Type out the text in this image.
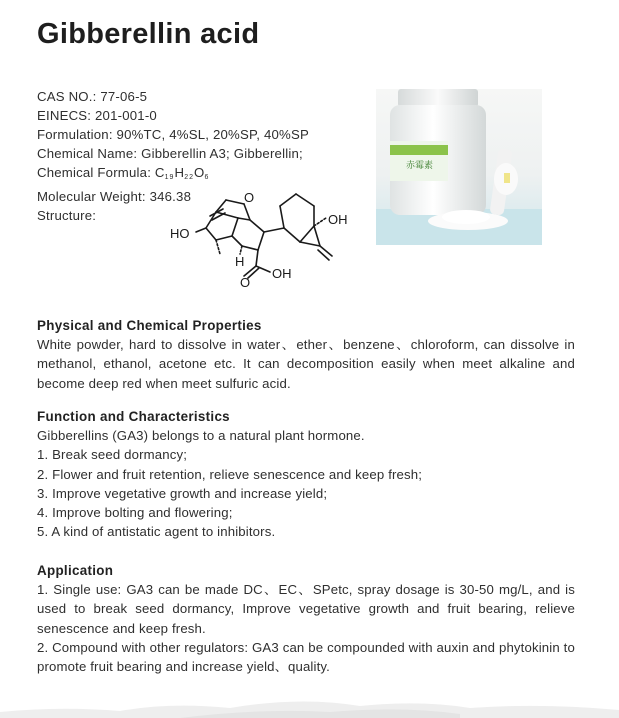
Gibberellin acid
CAS NO.: 77-06-5
EINECS: 201-001-0
Formulation: 90%TC, 4%SL, 20%SP, 40%SP
Chemical Name: Gibberellin A3; Gibberellin;
Chemical Formula: $C_{19}H_{22}O_6$
Molecular Weight: 346.38
Structure:
O
HO
OH
H
OH
O
赤霉素
Physical and Chemical Properties

White powder, hard to dissolve in water、ether、benzene、chloroform, can dissolve in methanol, ethanol, acetone etc. It can decomposition easily when meet alkaline and become deep red when meet sulfuric acid.

Function and Characteristics

Gibberellins (GA3) belongs to a natural plant hormone.

1. Break seed dormancy;

2. Flower and fruit retention, relieve senescence and keep fresh;

3. Improve vegetative growth and increase yield;

4. Improve bolting and flowering;

5. A kind of antistatic agent to inhibitors.

Application

1. Single use: GA3 can be made DC、EC、SPetc, spray dosage is 30-50 mg/L, and is used to break seed dormancy, Improve vegetative growth and fruit bearing, relieve senescence and keep fresh.

2. Compound with other regulators: GA3 can be compounded with auxin and phytokinin to promote fruit bearing and increase yield、quality.
